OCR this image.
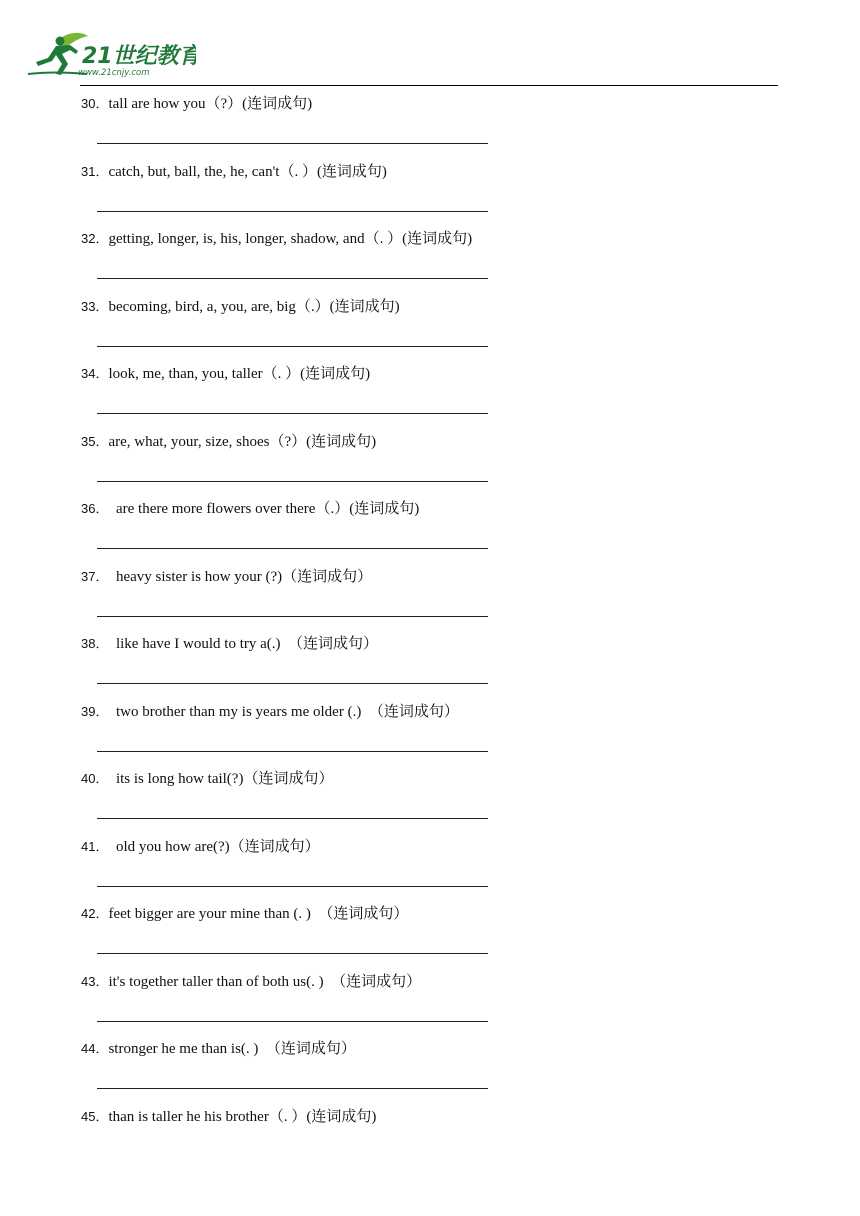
21世纪教育
www.21cnjy.com
30．tall are how you（?）(连词成句)
31．catch, but, ball, the, he, can't（. ）(连词成句)
32．getting, longer, is, his, longer, shadow, and（. ）(连词成句)
33．becoming, bird, a, you, are, big（.）(连词成句)
34．look, me, than, you, taller（. ）(连词成句)
35．are, what, your, size, shoes（?）(连词成句)
36．  are there more flowers over there（.）(连词成句)
37．  heavy sister is how your (?)（连词成句）
38．  like have I would to try a(.)  （连词成句）
39．  two brother than my is years me older (.)  （连词成句）
40．  its is long how tail(?)（连词成句）
41．  old you how are(?)（连词成句）
42．feet bigger are your mine than (. )  （连词成句）
43．it's together taller than of both us(. )  （连词成句）
44．stronger he me than is(. )  （连词成句）
45．than is taller he his brother（. ）(连词成句)
